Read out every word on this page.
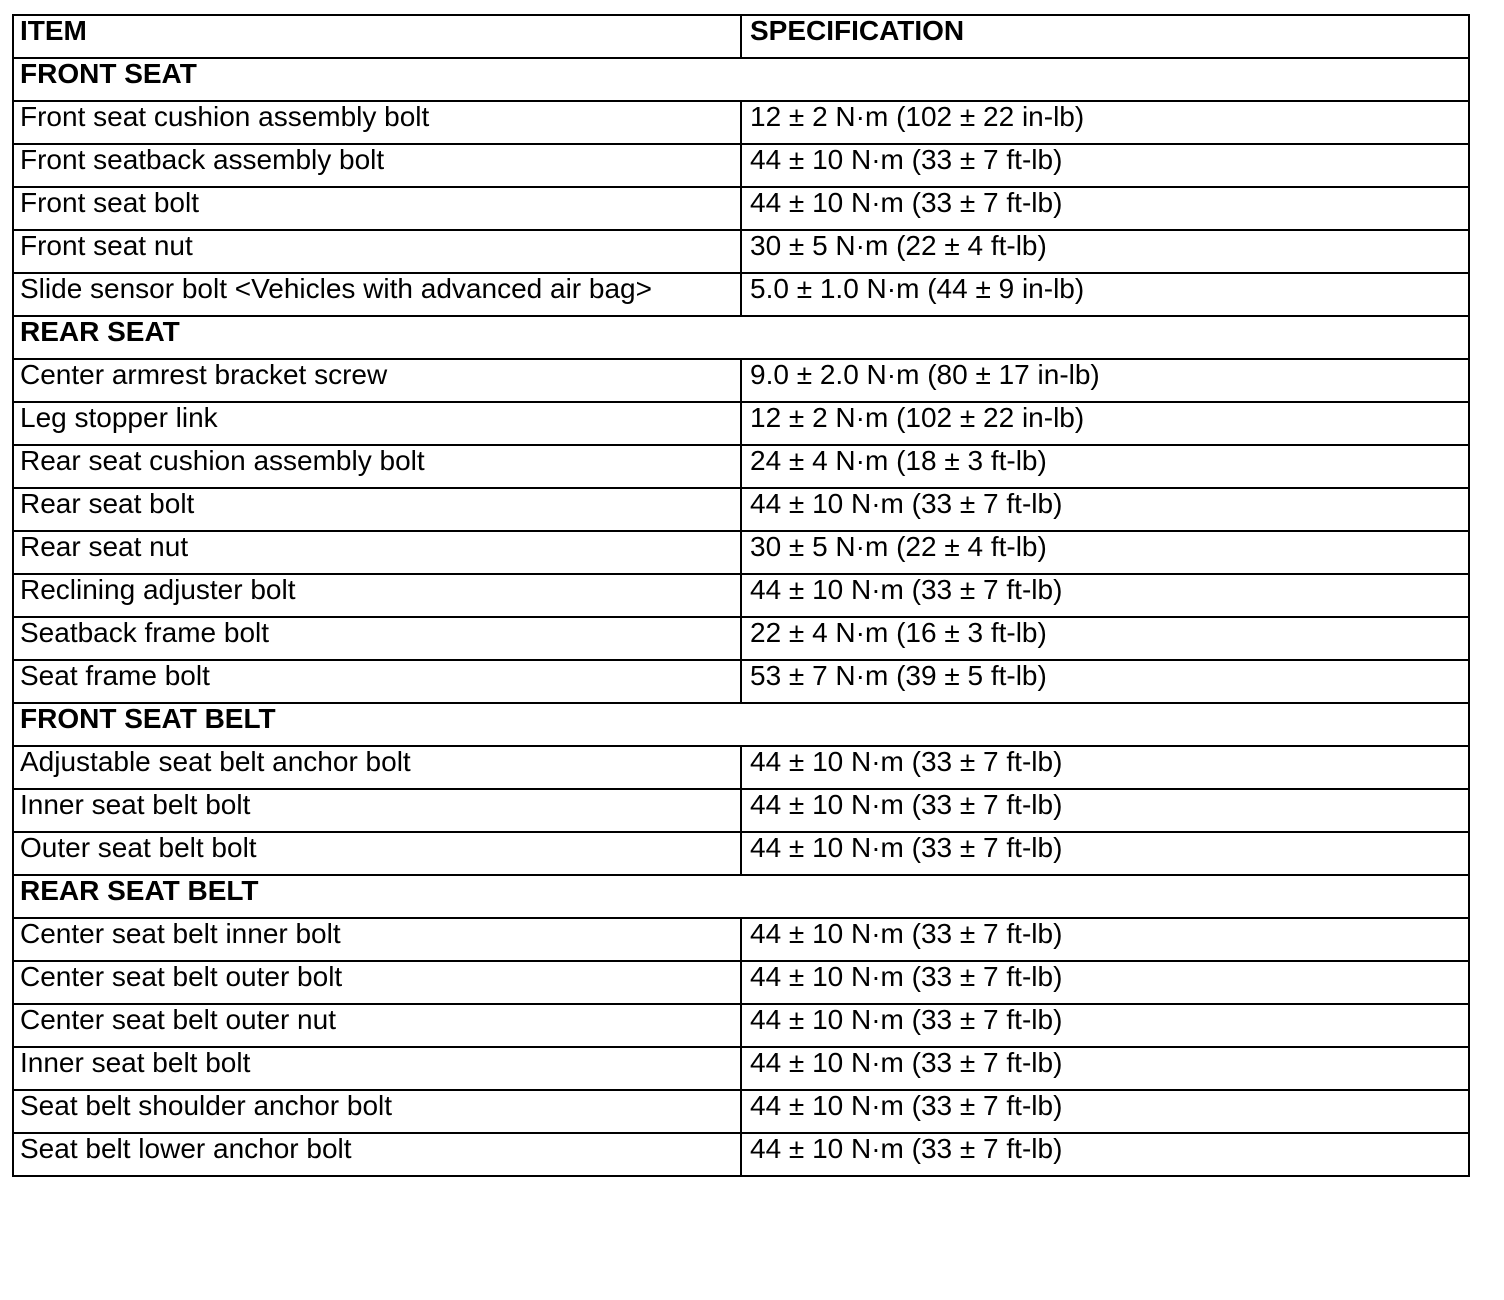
ITEM	SPECIFICATION
FRONT SEAT	
Front seat cushion assembly bolt	12 ± 2 N·m (102 ± 22 in-lb)
Front seatback assembly bolt	44 ± 10 N·m (33 ± 7 ft-lb)
Front seat bolt	44 ± 10 N·m (33 ± 7 ft-lb)
Front seat nut	30 ± 5 N·m (22 ± 4 ft-lb)
Slide sensor bolt <Vehicles with advanced air bag>	5.0 ± 1.0 N·m (44 ± 9 in-lb)
REAR SEAT	
Center armrest bracket screw	9.0 ± 2.0 N·m (80 ± 17 in-lb)
Leg stopper link	12 ± 2 N·m (102 ± 22 in-lb)
Rear seat cushion assembly bolt	24 ± 4 N·m (18 ± 3 ft-lb)
Rear seat bolt	44 ± 10 N·m (33 ± 7 ft-lb)
Rear seat nut	30 ± 5 N·m (22 ± 4 ft-lb)
Reclining adjuster bolt	44 ± 10 N·m (33 ± 7 ft-lb)
Seatback frame bolt	22 ± 4 N·m (16 ± 3 ft-lb)
Seat frame bolt	53 ± 7 N·m (39 ± 5 ft-lb)
FRONT SEAT BELT	
Adjustable seat belt anchor bolt	44 ± 10 N·m (33 ± 7 ft-lb)
Inner seat belt bolt	44 ± 10 N·m (33 ± 7 ft-lb)
Outer seat belt bolt	44 ± 10 N·m (33 ± 7 ft-lb)
REAR SEAT BELT	
Center seat belt inner bolt	44 ± 10 N·m (33 ± 7 ft-lb)
Center seat belt outer bolt	44 ± 10 N·m (33 ± 7 ft-lb)
Center seat belt outer nut	44 ± 10 N·m (33 ± 7 ft-lb)
Inner seat belt bolt	44 ± 10 N·m (33 ± 7 ft-lb)
Seat belt shoulder anchor bolt	44 ± 10 N·m (33 ± 7 ft-lb)
Seat belt lower anchor bolt	44 ± 10 N·m (33 ± 7 ft-lb)
